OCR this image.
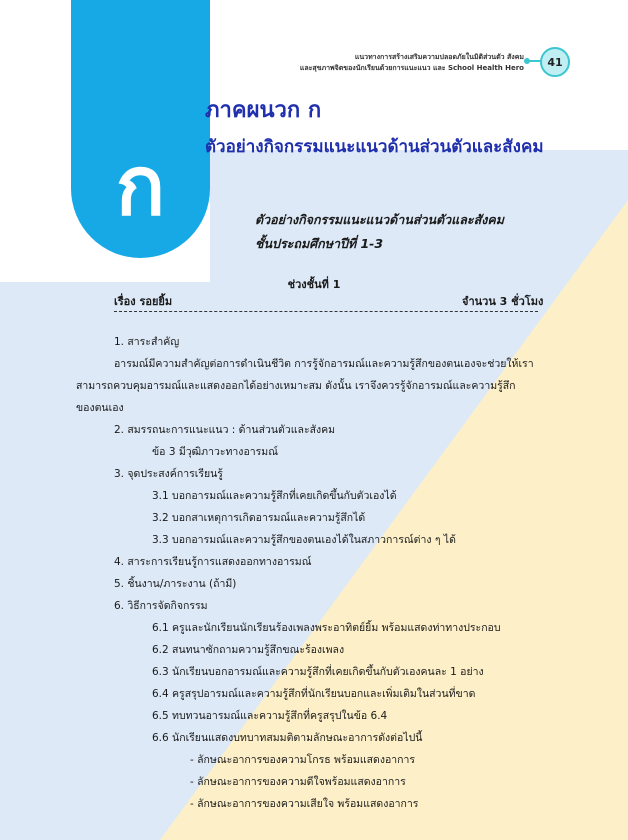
แนวทางการสร้างเสริมความปลอดภัยในมิติส่วนตัว สังคม
และสุขภาพจิตของนักเรียนด้วยการแนะแนว และ School Health Hero	41
ก
ภาคผนวก ก
ตัวอย่างกิจกรรมแนะแนวด้านส่วนตัวและสังคม
ตัวอย่างกิจกรรมแนะแนวด้านส่วนตัวและสังคม
ชั้นประถมศึกษาปีที่ 1-3
ช่วงชั้นที่ 1
เรื่อง รอยยิ้ม	จำนวน 3 ชั่วโมง
1. สาระสำคัญ
อารมณ์มีความสำคัญต่อการดำเนินชีวิต การรู้จักอารมณ์และความรู้สึกของตนเองจะช่วยให้เรา
สามารถควบคุมอารมณ์และแสดงออกได้อย่างเหมาะสม ดังนั้น เราจึงควรรู้จักอารมณ์และความรู้สึก
ของตนเอง
2. สมรรถนะการแนะแนว : ด้านส่วนตัวและสังคม
ข้อ 3 มีวุฒิภาวะทางอารมณ์
3. จุดประสงค์การเรียนรู้
3.1 บอกอารมณ์และความรู้สึกที่เคยเกิดขึ้นกับตัวเองได้
3.2 บอกสาเหตุการเกิดอารมณ์และความรู้สึกได้
3.3 บอกอารมณ์และความรู้สึกของตนเองได้ในสภาวการณ์ต่าง ๆ ได้
4. สาระการเรียนรู้การแสดงออกทางอารมณ์
5. ชิ้นงาน/ภาระงาน (ถ้ามี)
6. วิธีการจัดกิจกรรม
6.1 ครูและนักเรียนนักเรียนร้องเพลงพระอาทิตย์ยิ้ม พร้อมแสดงท่าทางประกอบ
6.2 สนทนาซักถามความรู้สึกขณะร้องเพลง
6.3 นักเรียนบอกอารมณ์และความรู้สึกที่เคยเกิดขึ้นกับตัวเองคนละ 1 อย่าง
6.4 ครูสรุปอารมณ์และความรู้สึกที่นักเรียนบอกและเพิ่มเติมในส่วนที่ขาด
6.5 ทบทวนอารมณ์และความรู้สึกที่ครูสรุปในข้อ 6.4
6.6 นักเรียนแสดงบทบาทสมมติตามลักษณะอาการดังต่อไปนี้
- ลักษณะอาการของความโกรธ พร้อมแสดงอาการ
- ลักษณะอาการของความดีใจพร้อมแสดงอาการ
- ลักษณะอาการของความเสียใจ พร้อมแสดงอาการ
